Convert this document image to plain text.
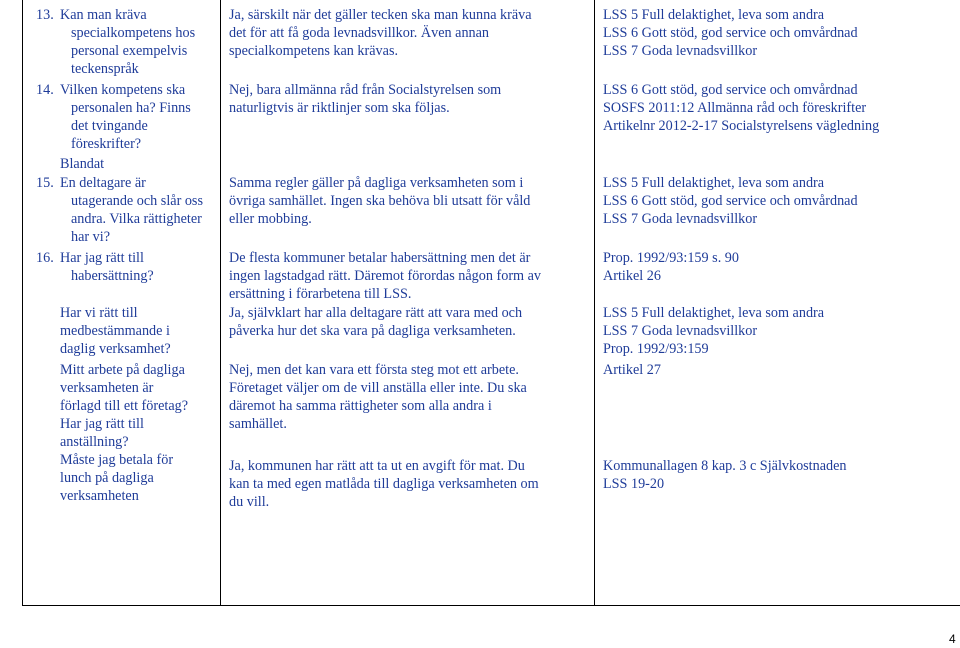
13. Kan man kräva
specialkompetens hos
personal exempelvis
teckenspråk
14. Vilken kompetens ska
personalen ha? Finns
det tvingande
föreskrifter?
Blandat
15. En deltagare är
utagerande och slår oss
andra. Vilka rättigheter
har vi?
16. Har jag rätt till
habersättning?
Har vi rätt till
medbestämmande i
daglig verksamhet?
Mitt arbete på dagliga
verksamheten är
förlagd till ett företag?
Har jag rätt till
anställning?
Måste jag betala för
lunch på dagliga
verksamheten
Ja, särskilt när det gäller tecken ska man kunna kräva
det för att få goda levnadsvillkor. Även annan
specialkompetens kan krävas.
Nej, bara allmänna råd från Socialstyrelsen som
naturligtvis är riktlinjer som ska följas.
Samma regler gäller på dagliga verksamheten som i
övriga samhället. Ingen ska behöva bli utsatt för våld
eller mobbing.
De flesta kommuner betalar habersättning men det är
ingen lagstadgad rätt. Däremot förordas någon form av
ersättning i förarbetena till LSS.
Ja, självklart har alla deltagare rätt att vara med och
påverka hur det ska vara på dagliga verksamheten.
Nej, men det kan vara ett första steg mot ett arbete.
Företaget väljer om de vill anställa eller inte. Du ska
däremot ha samma rättigheter som alla andra i
samhället.
Ja, kommunen har rätt att ta ut en avgift för mat. Du
kan ta med egen matlåda till dagliga verksamheten om
du vill.
LSS 5 Full delaktighet, leva som andra
LSS 6 Gott stöd, god service och omvårdnad
LSS 7 Goda levnadsvillkor
LSS 6 Gott stöd, god service och omvårdnad
SOSFS 2011:12 Allmänna råd och föreskrifter
Artikelnr 2012-2-17 Socialstyrelsens vägledning
LSS 5 Full delaktighet, leva som andra
LSS 6 Gott stöd, god service och omvårdnad
LSS 7 Goda levnadsvillkor
Prop. 1992/93:159 s. 90
Artikel 26
LSS 5 Full delaktighet, leva som andra
LSS 7 Goda levnadsvillkor
Prop. 1992/93:159
Artikel 27
Kommunallagen 8 kap. 3 c Självkostnaden
LSS 19-20
4
